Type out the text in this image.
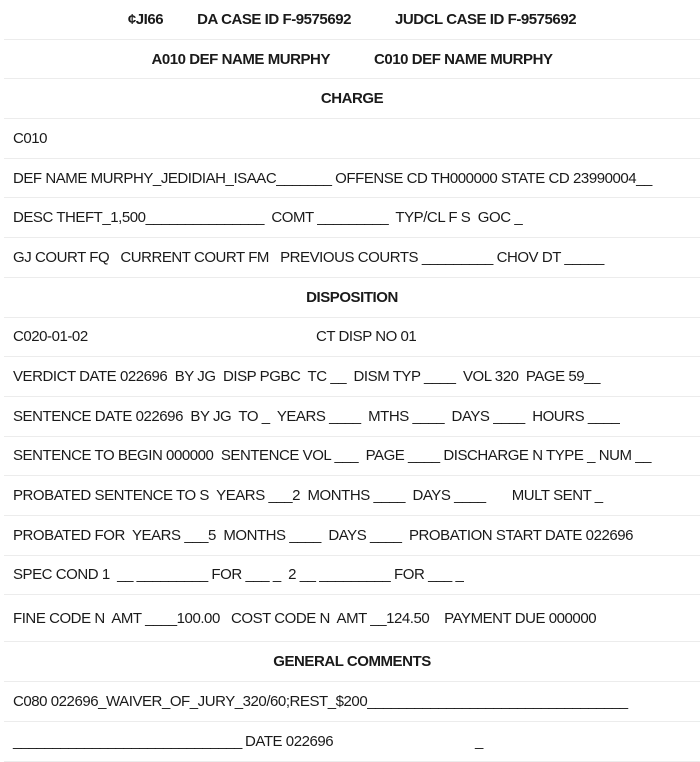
¢JI66 DA CASE ID F-9575692	JUDCL CASE ID F-9575692
A010 DEF NAME MURPHY	C010 DEF NAME MURPHY
CHARGE
C010
DEF NAME MURPHY_JEDIDIAH_ISAAC_______ OFFENSE CD TH000000 STATE CD 23990004__
DESC THEFT_1,500_______________  COMT _________  TYP/CL F S  GOC _
GJ COURT FQ   CURRENT COURT FM   PREVIOUS COURTS _________ CHOV DT _____
DISPOSITION
C020-01-02	CT DISP NO 01
VERDICT DATE 022696  BY JG  DISP PGBC  TC __  DISM TYP ____  VOL 320  PAGE 59__
SENTENCE DATE 022696  BY JG  TO _  YEARS ____  MTHS ____  DAYS ____  HOURS ____
SENTENCE TO BEGIN 000000  SENTENCE VOL ___  PAGE ____ DISCHARGE N TYPE _ NUM __
PROBATED SENTENCE TO S  YEARS ___2  MONTHS ____  DAYS ____       MULT SENT _
PROBATED FOR  YEARS ___5  MONTHS ____  DAYS ____  PROBATION START DATE 022696
SPEC COND 1  __ _________ FOR ___ _  2 __ _________ FOR ___ _
FINE CODE N  AMT ____100.00   COST CODE N  AMT __124.50    PAYMENT DUE 000000
GENERAL COMMENTS
C080 022696_WAIVER_OF_JURY_320/60;REST_$200_________________________________
_____________________________ DATE 022696	_
